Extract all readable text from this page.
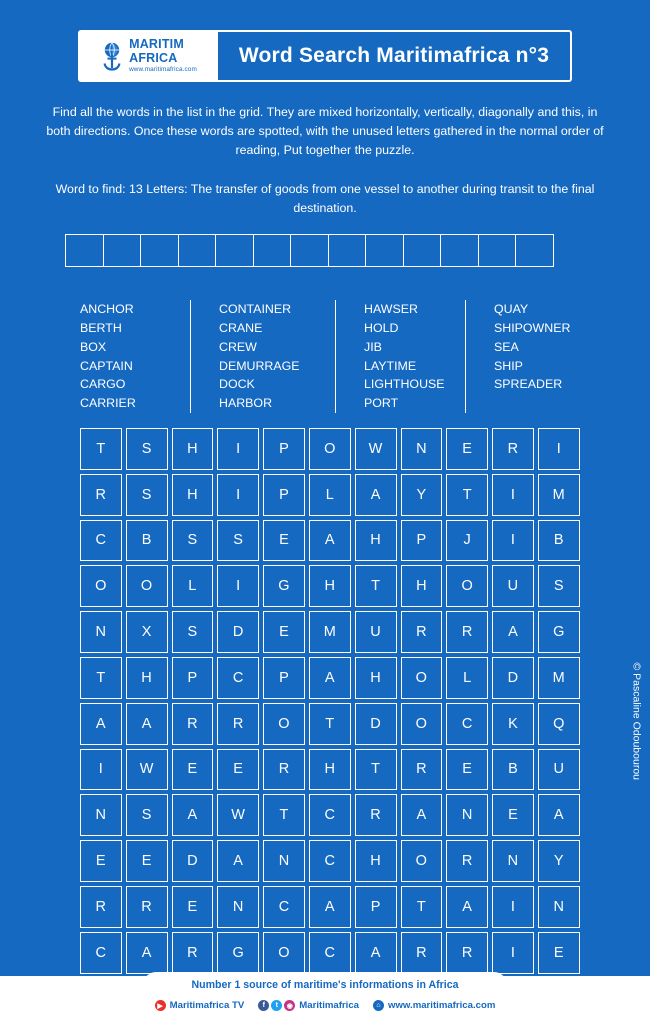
MARITIM
AFRICA
www.maritimafrica.com
Word Search Maritimafrica n°3
Find all the words in the list in the grid. They are mixed horizontally, vertically, diagonally and this, in both directions. Once these words are spotted, with the unused letters gathered in the normal order of reading, Put together the puzzle.
Word to find: 13 Letters: The transfer of goods from one vessel to another during transit to the final destination.
ANCHOR
BERTH
BOX
CAPTAIN
CARGO
CARRIER
CONTAINER
CRANE
CREW
DEMURRAGE
DOCK
HARBOR
HAWSER
HOLD
JIB
LAYTIME
LIGHTHOUSE
PORT
QUAY
SHIPOWNER
SEA
SHIP
SPREADER
T	S	H	I	P	O	W	N	E	R	I
R	S	H	I	P	L	A	Y	T	I	M
C	B	S	S	E	A	H	P	J	I	B
O	O	L	I	G	H	T	H	O	U	S
N	X	S	D	E	M	U	R	R	A	G
T	H	P	C	P	A	H	O	L	D	M
A	A	R	R	O	T	D	O	C	K	Q
I	W	E	E	R	H	T	R	E	B	U
N	S	A	W	T	C	R	A	N	E	A
E	E	D	A	N	C	H	O	R	N	Y
R	R	E	N	C	A	P	T	A	I	N
C	A	R	G	O	C	A	R	R	I	E
© Pascaline Odoubourou
Number 1 source of maritime's informations in Africa
▶ Maritimafrica TV	f	t	◉ Maritimafrica	⌂ www.maritimafrica.com
